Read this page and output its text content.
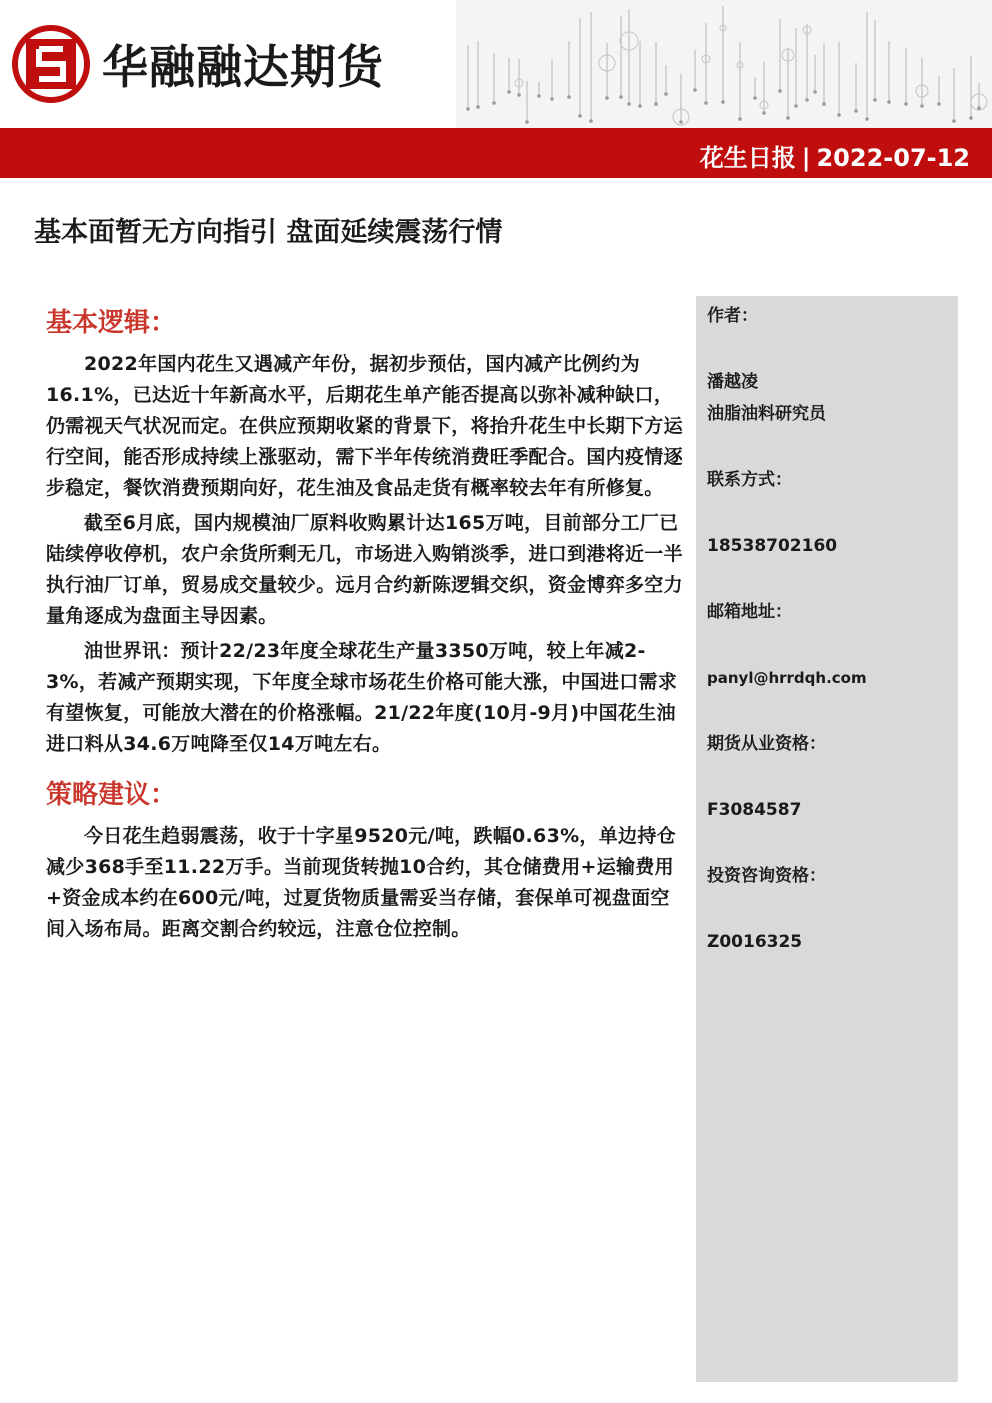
华融融达期货
花生日报 | 2022-07-12
基本面暂无方向指引 盘面延续震荡行情
基本逻辑：

2022年国内花生又遇减产年份，据初步预估，国内减产比例约为16.1%，已达近十年新高水平，后期花生单产能否提高以弥补减种缺口，仍需视天气状况而定。在供应预期收紧的背景下，将抬升花生中长期下方运行空间，能否形成持续上涨驱动，需下半年传统消费旺季配合。国内疫情逐步稳定，餐饮消费预期向好，花生油及食品走货有概率较去年有所修复。

截至6月底，国内规模油厂原料收购累计达165万吨，目前部分工厂已陆续停收停机，农户余货所剩无几，市场进入购销淡季，进口到港将近一半执行油厂订单，贸易成交量较少。远月合约新陈逻辑交织，资金博弈多空力量角逐成为盘面主导因素。

油世界讯：预计22/23年度全球花生产量3350万吨，较上年减2-3%，若减产预期实现，下年度全球市场花生价格可能大涨，中国进口需求有望恢复，可能放大潜在的价格涨幅。21/22年度(10月-9月)中国花生油进口料从34.6万吨降至仅14万吨左右。

策略建议：

今日花生趋弱震荡，收于十字星9520元/吨，跌幅0.63%，单边持仓减少368手至11.22万手。当前现货转抛10合约，其仓储费用+运输费用+资金成本约在600元/吨，过夏货物质量需妥当存储，套保单可视盘面空间入场布局。距离交割合约较远，注意仓位控制。

作者：
潘越凌
油脂油料研究员
联系方式：
18538702160
邮箱地址：
panyl@hrrdqh.com
期货从业资格：
F3084587
投资咨询资格：
Z0016325
